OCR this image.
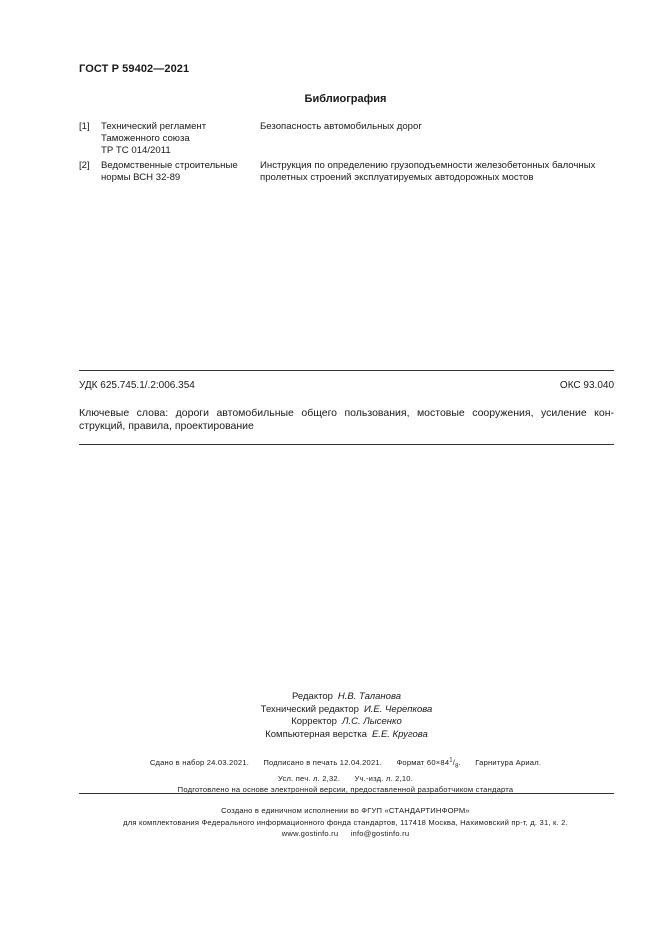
ГОСТ Р 59402—2021
Библиография
[1] Технический регламент
Таможенного союза
ТР ТС 014/2011
Безопасность автомобильных дорог
[2] Ведомственные строительные
нормы ВСН 32-89
Инструкция по определению грузоподъемности железобетонных балочных
пролетных строений эксплуатируемых автодорожных мостов
УДК 625.745.1/.2:006.354	ОКС 93.040
Ключевые слова: дороги автомобильные общего пользования, мостовые сооружения, усиление кон-струкций, правила, проектирование
Редактор Н.В. Таланова
Технический редактор И.Е. Черепкова
Корректор Л.С. Лысенко
Компьютерная верстка Е.Е. Кругова
Сдано в набор 24.03.2021. Подписано в печать 12.04.2021. Формат $60\times 84^1/_8$. Гарнитура Ариал.
Усл. печ. л. 2,32. Уч.-изд. л. 2,10.
Подготовлено на основе электронной версии, предоставленной разработчиком стандарта
Создано в единичном исполнении во ФГУП «СТАНДАРТИНФОРМ»
для комплектования Федерального информационного фонда стандартов, 117418 Москва, Нахимовский пр-т, д. 31, к. 2.
www.gostinfo.ru info@gostinfo.ru
